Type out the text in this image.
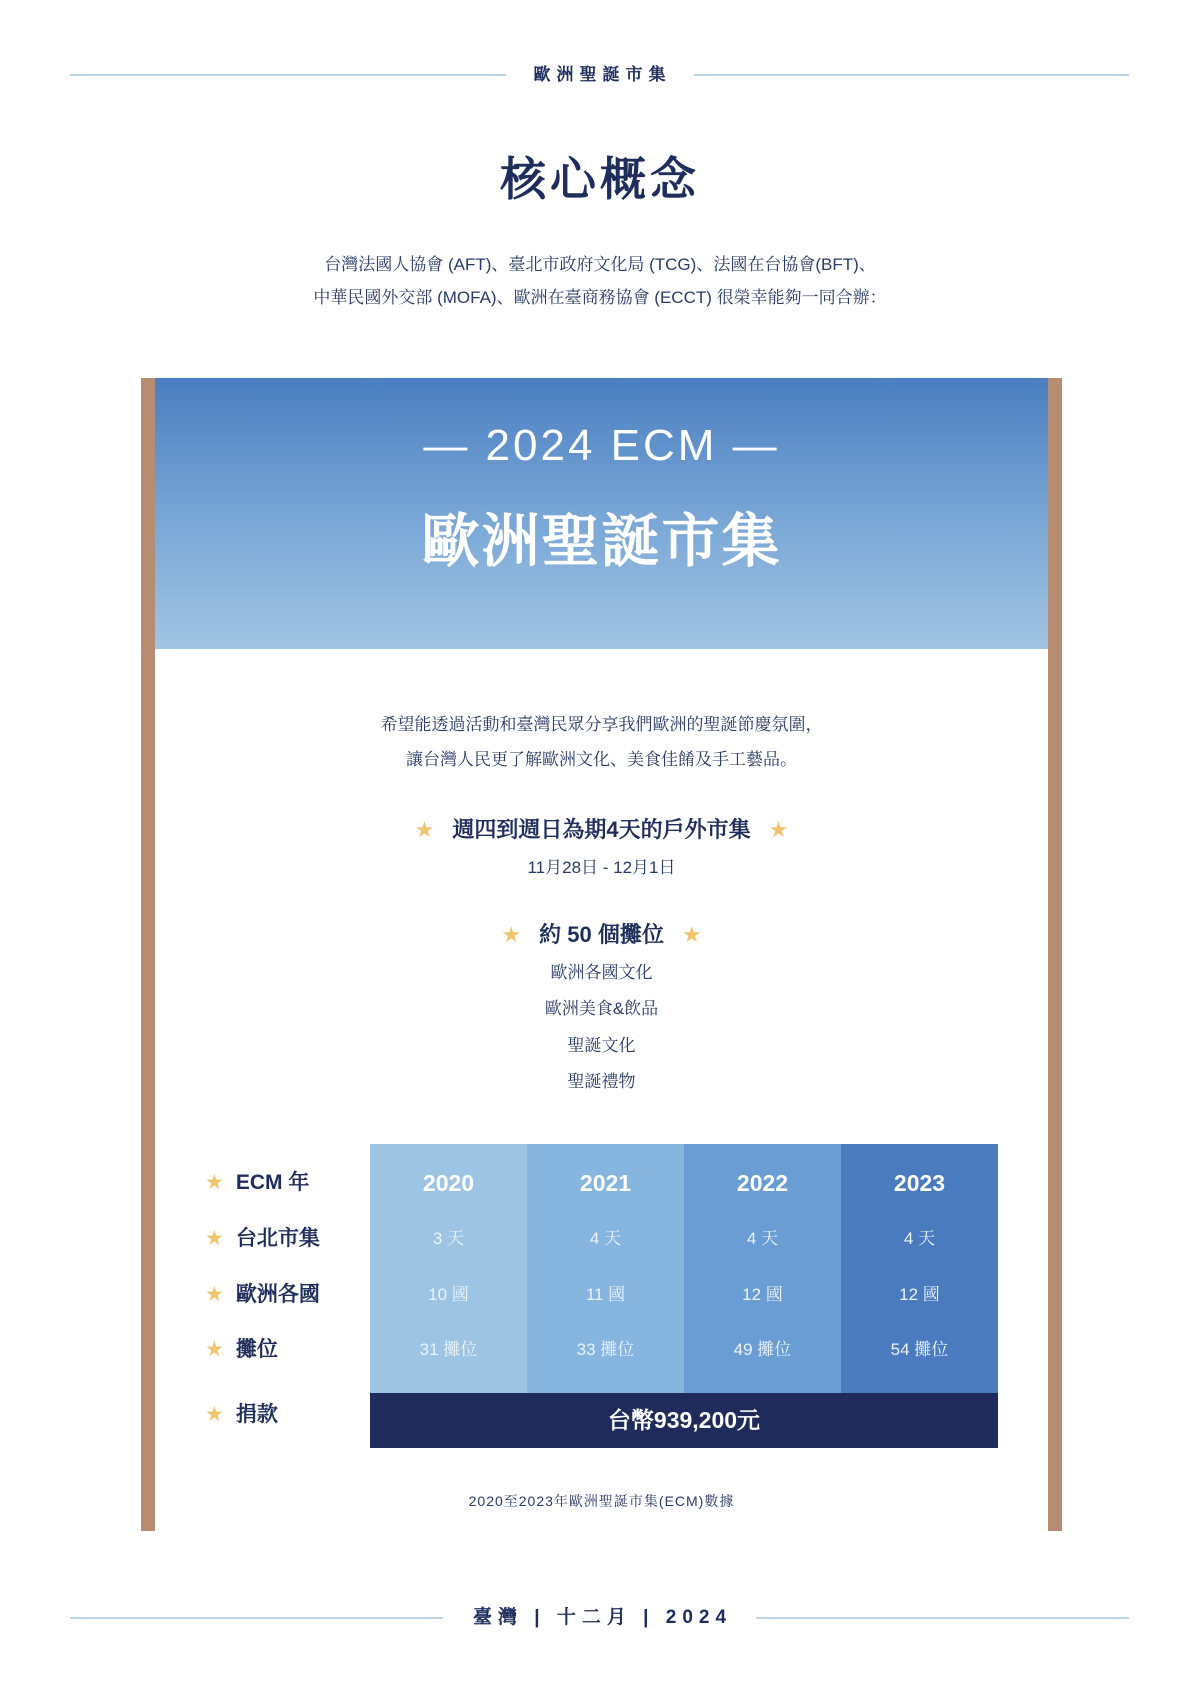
歐洲聖誕市集
核心概念
台灣法國人協會 (AFT)、臺北市政府文化局 (TCG)、法國在台協會(BFT)、
中華民國外交部 (MOFA)、歐洲在臺商務協會 (ECCT) 很榮幸能夠一同合辦：
— 2024 ECM —
歐洲聖誕市集
希望能透過活動和臺灣民眾分享我們歐洲的聖誕節慶氛圍，
讓台灣人民更了解歐洲文化、美食佳餚及手工藝品。
★
週四到週日為期4天的戶外市集
★
11月28日 - 12月1日
★
約 50 個攤位
★
歐洲各國文化
歐洲美食&飲品
聖誕文化
聖誕禮物
★
ECM 年
★
台北市集
★
歐洲各國
★
攤位
★
捐款
2020
3 天
10 國
31 攤位
2021
4 天
11 國
33 攤位
2022
4 天
12 國
49 攤位
2023
4 天
12 國
54 攤位
台幣939,200元
2020至2023年歐洲聖誕市集(ECM)數據
臺灣 | 十二月 | 2024
